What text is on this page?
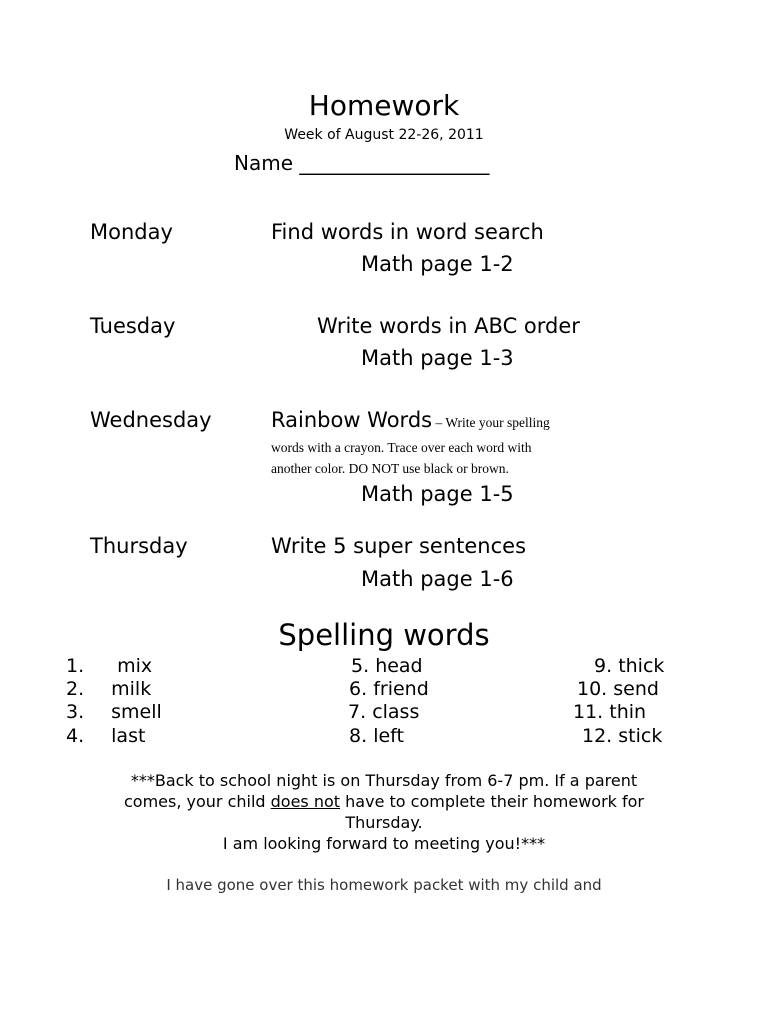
Homework
Week of August 22-26, 2011
Name ___________________
Monday	Find words in word search
Math page 1-2
Tuesday	Write words in ABC order
Math page 1-3
Wednesday	Rainbow Words – Write your spelling
words with a crayon. Trace over each word with
another color. DO NOT use black or brown.
Math page 1-5
Thursday	Write 5 super sentences
Math page 1-6
Spelling words
1. mix
2. milk
3. smell
4. last
5. head
6. friend
7. class
8. left
9. thick
10. send
11. thin
12. stick
***Back to school night is on Thursday from 6-7 pm. If a parent
comes, your child does not have to complete their homework for
Thursday.
I am looking forward to meeting you!***
I have gone over this homework packet with my child and
